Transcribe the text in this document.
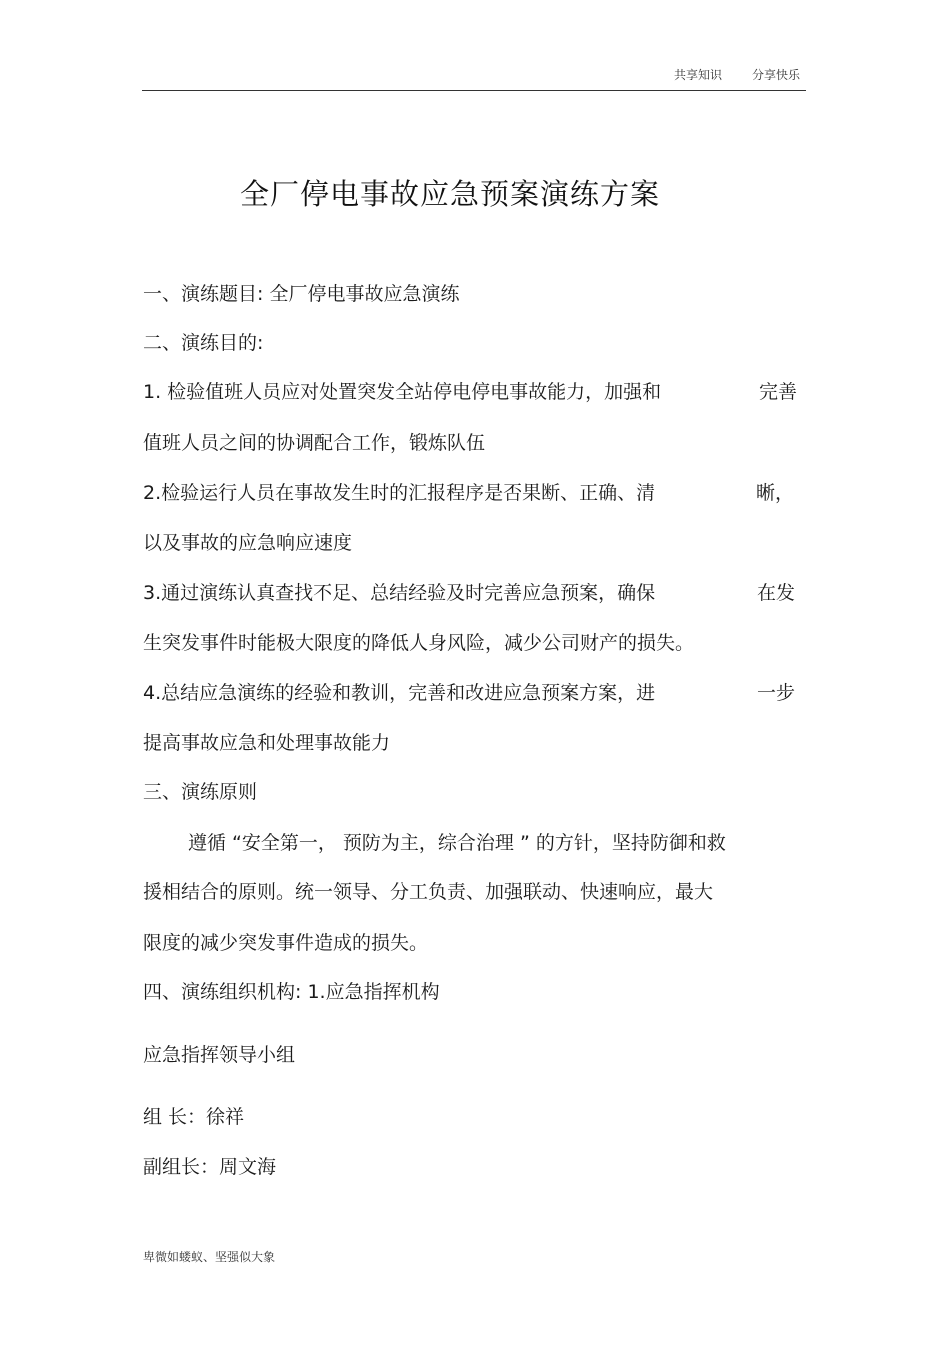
共享知识	分享快乐
全厂停电事故应急预案演练方案
一、演练题目: 全厂停电事故应急演练
二、演练目的:
1. 检验值班人员应对处置突发全站停电停电事故能力，加强和	完善
值班人员之间的协调配合工作，锻炼队伍
2.检验运行人员在事故发生时的汇报程序是否果断、正确、清	晰，
以及事故的应急响应速度
3.通过演练认真查找不足、总结经验及时完善应急预案，确保	在发
生突发事件时能极大限度的降低人身风险，减少公司财产的损失。
4.总结应急演练的经验和教训，完善和改进应急预案方案，进	一步
提高事故应急和处理事故能力
三、演练原则
遵循 “安全第一， 预防为主，综合治理 ” 的方针，坚持防御和救
援相结合的原则。统一领导、分工负责、加强联动、快速响应，最大
限度的减少突发事件造成的损失。
四、演练组织机构: 1.应急指挥机构
应急指挥领导小组
组 长：徐祥
副组长：周文海
卑微如蝼蚁、坚强似大象
